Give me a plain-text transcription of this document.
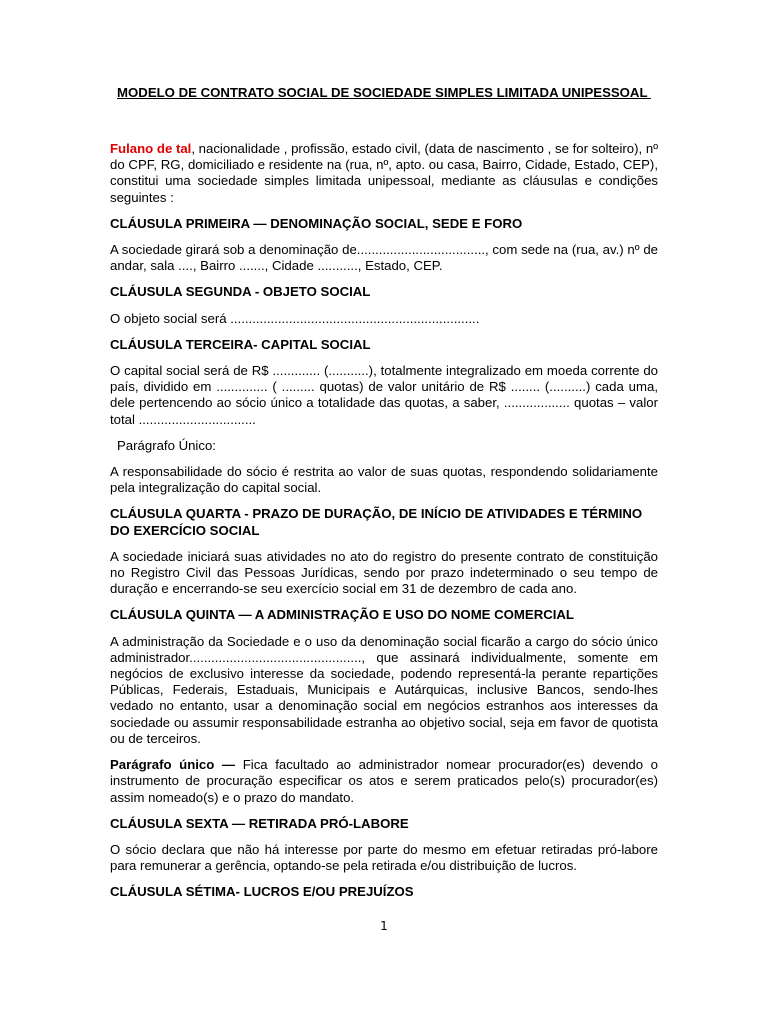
MODELO DE CONTRATO SOCIAL DE SOCIEDADE SIMPLES LIMITADA UNIPESSOAL

Fulano de tal, nacionalidade , profissão, estado civil, (data de nascimento , se for solteiro), nº do CPF, RG, domiciliado e residente na (rua, nº, apto. ou casa, Bairro, Cidade, Estado, CEP), constitui uma sociedade simples limitada unipessoal, mediante as cláusulas e condições seguintes :

CLÁUSULA PRIMEIRA — DENOMINAÇÃO SOCIAL, SEDE E FORO

A sociedade girará sob a denominação de..................................., com sede na (rua, av.) nº de andar, sala ...., Bairro ......., Cidade ..........., Estado, CEP.

CLÁUSULA SEGUNDA - OBJETO SOCIAL

O objeto social será ....................................................................

CLÁUSULA TERCEIRA- CAPITAL SOCIAL

O capital social será de R$ ............. (...........), totalmente integralizado em moeda corrente do país, dividido em .............. ( ......... quotas) de valor unitário de R$ ........ (..........) cada uma, dele pertencendo ao sócio único a totalidade das quotas, a saber, .................. quotas – valor total ................................

Parágrafo Único:

A responsabilidade do sócio é restrita ao valor de suas quotas, respondendo solidariamente pela integralização do capital social.

CLÁUSULA QUARTA - PRAZO DE DURAÇÃO, DE INÍCIO DE ATIVIDADES E TÉRMINO DO EXERCÍCIO SOCIAL

A sociedade iniciará suas atividades no ato do registro do presente contrato de constituição no Registro Civil das Pessoas Jurídicas, sendo por prazo indeterminado o seu tempo de duração e encerrando-se seu exercício social em 31 de dezembro de cada ano.

CLÁUSULA QUINTA — A ADMINISTRAÇÃO E USO DO NOME COMERCIAL

A administração da Sociedade e o uso da denominação social ficarão a cargo do sócio único administrador..............................................., que assinará individualmente, somente em negócios de exclusivo interesse da sociedade, podendo representá-la perante repartições Públicas, Federais, Estaduais, Municipais e Autárquicas, inclusive Bancos, sendo-lhes vedado no entanto, usar a denominação social em negócios estranhos aos interesses da sociedade ou assumir responsabilidade estranha ao objetivo social, seja em favor de quotista ou de terceiros.

Parágrafo único — Fica facultado ao administrador nomear procurador(es) devendo o instrumento de procuração especificar os atos e serem praticados pelo(s) procurador(es) assim nomeado(s) e o prazo do mandato.

CLÁUSULA SEXTA — RETIRADA PRÓ-LABORE

O sócio declara que não há interesse por parte do mesmo em efetuar retiradas pró-labore para remunerar a gerência, optando-se pela retirada e/ou distribuição de lucros.

CLÁUSULA SÉTIMA- LUCROS E/OU PREJUÍZOS
1
